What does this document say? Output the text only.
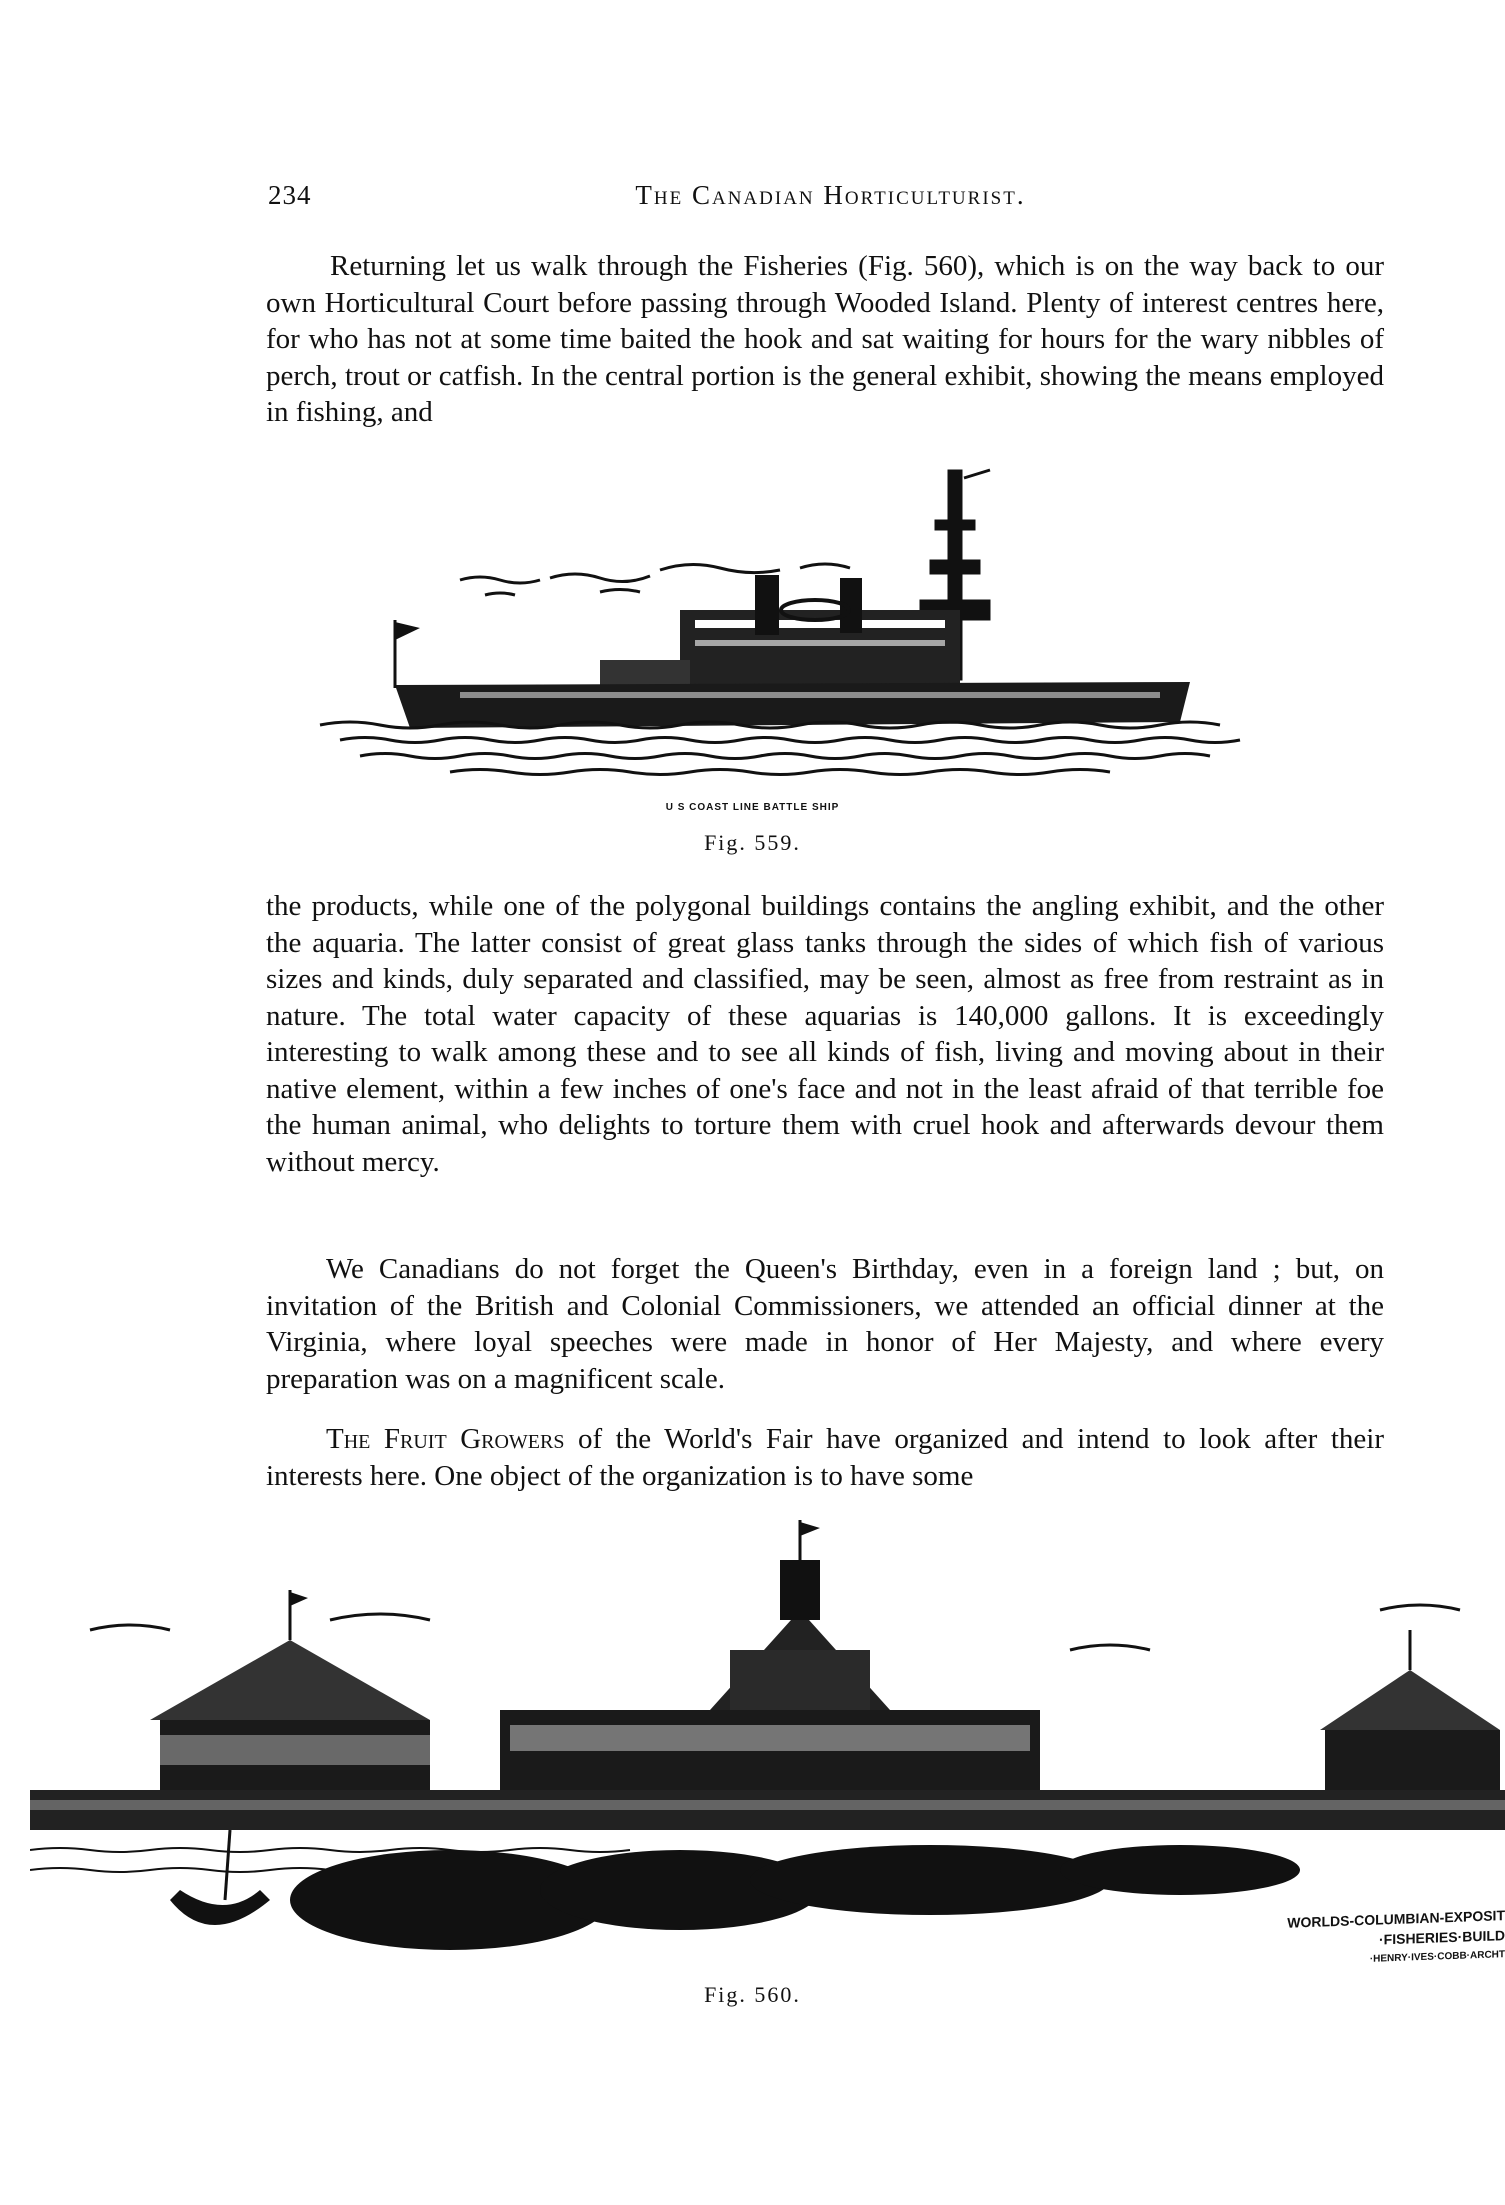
234	The Canadian Horticulturist.

Returning let us walk through the Fisheries (Fig. 560), which is on the way back to our own Horticultural Court before passing through Wooded Island. Plenty of interest centres here, for who has not at some time baited the hook and sat waiting for hours for the wary nibbles of perch, trout or catfish. In the central portion is the general exhibit, showing the means employed in fishing, and

U S COAST LINE BATTLE SHIP
Fig. 559.

the products, while one of the polygonal buildings contains the angling exhibit, and the other the aquaria. The latter consist of great glass tanks through the sides of which fish of various sizes and kinds, duly separated and classified, may be seen, almost as free from restraint as in nature. The total water capacity of these aquarias is 140,000 gallons. It is exceedingly interesting to walk among these and to see all kinds of fish, living and moving about in their native element, within a few inches of one's face and not in the least afraid of that terrible foe the human animal, who delights to torture them with cruel hook and afterwards devour them without mercy.

We Canadians do not forget the Queen's Birthday, even in a foreign land ; but, on invitation of the British and Colonial Commissioners, we attended an official dinner at the Virginia, where loyal speeches were made in honor of Her Majesty, and where every preparation was on a magnificent scale.

The Fruit Growers of the World's Fair have organized and intend to look after their interests here. One object of the organization is to have some

WORLDS-COLUMBIAN-EXPOSIT
·FISHERIES·BUILD
·HENRY·IVES·COBB·ARCHT
Fig. 560.
